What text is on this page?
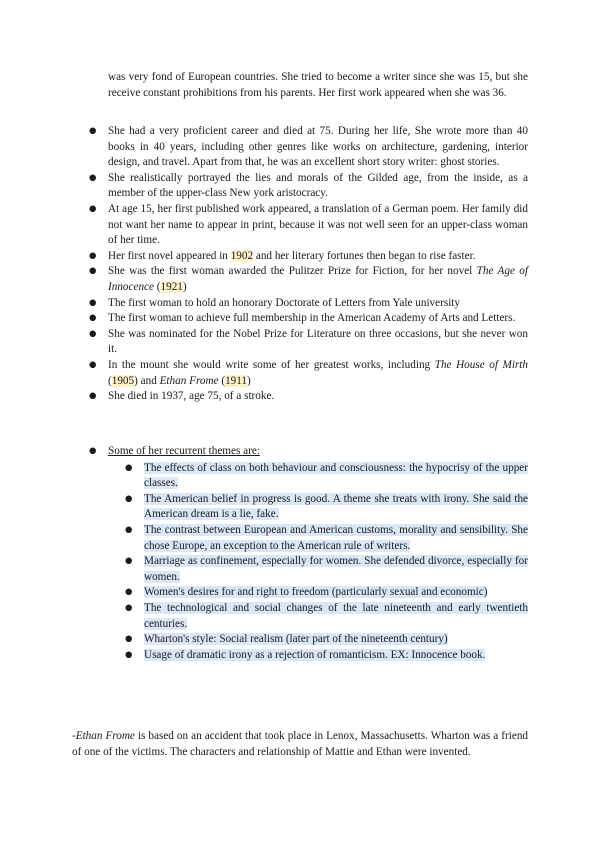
was very fond of European countries. She tried to become a writer since she was 15, but she receive constant prohibitions from his parents. Her first work appeared when she was 36.

● She had a very proficient career and died at 75. During her life, She wrote more than 40 books in 40 years, including other genres like works on architecture, gardening, interior design, and travel. Apart from that, he was an excellent short story writer: ghost stories.
● She realistically portrayed the lies and morals of the Gilded age, from the inside, as a member of the upper-class New york aristocracy.
● At age 15, her first published work appeared, a translation of a German poem. Her family did not want her name to appear in print, because it was not well seen for an upper-class woman of her time.
● Her first novel appeared in 1902 and her literary fortunes then began to rise faster.
● She was the first woman awarded the Pulitzer Prize for Fiction, for her novel The Age of Innocence (1921)
● The first woman to hold an honorary Doctorate of Letters from Yale university
● The first woman to achieve full membership in the American Academy of Arts and Letters.
● She was nominated for the Nobel Prize for Literature on three occasions, but she never won it.
● In the mount she would write some of her greatest works, including The House of Mirth (1905) and Ethan Frome (1911)
● She died in 1937, age 75, of a stroke.
● Some of her recurrent themes are:
● The effects of class on both behaviour and consciousness: the hypocrisy of the upper classes.
● The American belief in progress is good. A theme she treats with irony. She said the American dream is a lie, fake.
● The contrast between European and American customs, morality and sensibility. She chose Europe, an exception to the American rule of writers.
● Marriage as confinement, especially for women. She defended divorce, especially for women.
● Women's desires for and right to freedom (particularly sexual and economic)
● The technological and social changes of the late nineteenth and early twentieth centuries.
● Wharton's style: Social realism (later part of the nineteenth century)
● Usage of dramatic irony as a rejection of romanticism. EX: Innocence book.

-Ethan Frome is based on an accident that took place in Lenox, Massachusetts. Wharton was a friend of one of the victims. The characters and relationship of Mattie and Ethan were invented.
